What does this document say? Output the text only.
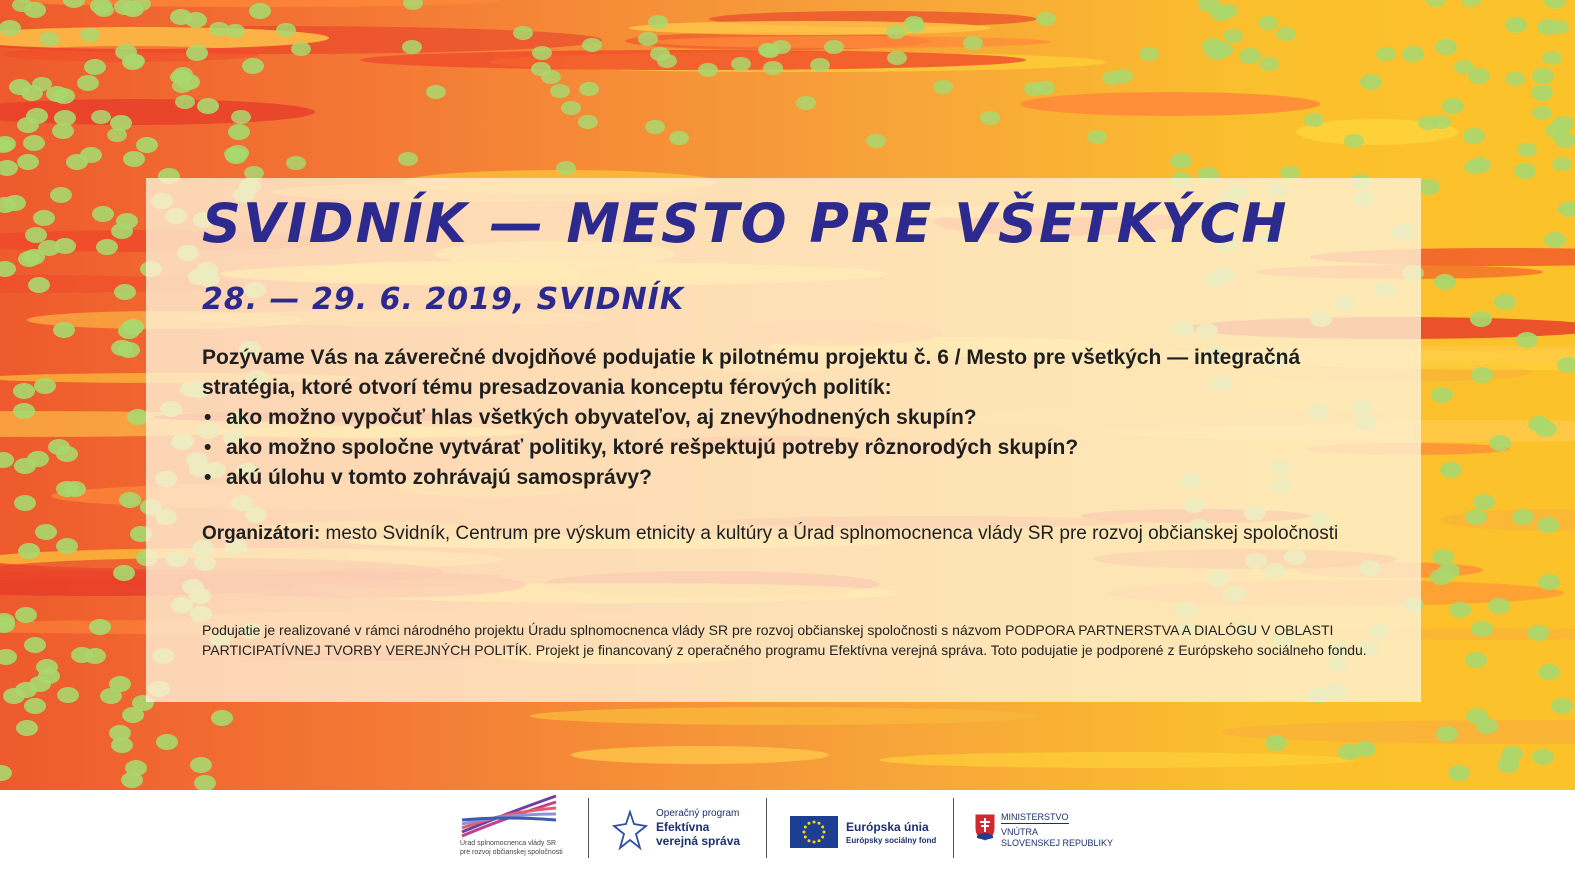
SVIDNÍK — MESTO PRE VŠETKÝCH
28. — 29. 6. 2019, SVIDNÍK

Pozývame Vás na záverečné dvojdňové podujatie k pilotnému projektu č. 6 / Mesto pre všetkých — integračná stratégia, ktoré otvorí tému presadzovania konceptu férových politík:

• ako možno vypočuť hlas všetkých obyvateľov, aj znevýhodnených skupín?
• ako možno spoločne vytvárať politiky, ktoré rešpektujú potreby rôznorodých skupín?
• akú úlohu v tomto zohrávajú samosprávy?

Organizátori: mesto Svidník, Centrum pre výskum etnicity a kultúry a Úrad splnomocnenca vlády SR pre rozvoj občianskej spoločnosti

Podujatie je realizované v rámci národného projektu Úradu splnomocnenca vlády SR pre rozvoj občianskej spoločnosti s názvom PODPORA PARTNERSTVA A DIALÓGU V OBLASTI PARTICIPATÍVNEJ TVORBY VEREJNÝCH POLITÍK. Projekt je financovaný z operačného programu Efektívna verejná správa. Toto podujatie je podporené z Európskeho sociálneho fondu.

Úrad splnomocnenca vlády SR
pre rozvoj občianskej spoločnosti
Operačný program
Efektívna
verejná správa
Európska únia
Európsky sociálny fond
MINISTERSTVO
VNÚTRA
SLOVENSKEJ REPUBLIKY
